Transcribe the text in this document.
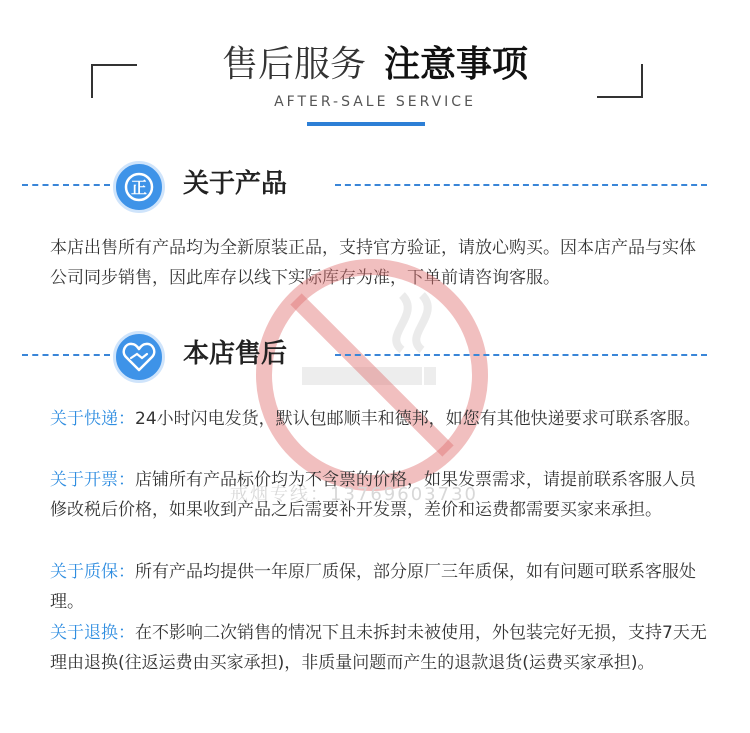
售后服务 注意事项
AFTER-SALE SERVICE
正 关于产品
本店出售所有产品均为全新原装正品，支持官方验证，请放心购买。因本店产品与实体公司同步销售，因此库存以线下实际库存为准，下单前请咨询客服。
戒烟专线：13769603730
本店售后
关于快递：24小时闪电发货，默认包邮顺丰和德邦，如您有其他快递要求可联系客服。
关于开票：店铺所有产品标价均为不含票的价格，如果发票需求，请提前联系客服人员修改税后价格，如果收到产品之后需要补开发票，差价和运费都需要买家来承担。
关于质保：所有产品均提供一年原厂质保，部分原厂三年质保，如有问题可联系客服处理。
关于退换：在不影响二次销售的情况下且未拆封未被使用，外包装完好无损，支持7天无理由退换(往返运费由买家承担)，非质量问题而产生的退款退货(运费买家承担)。
